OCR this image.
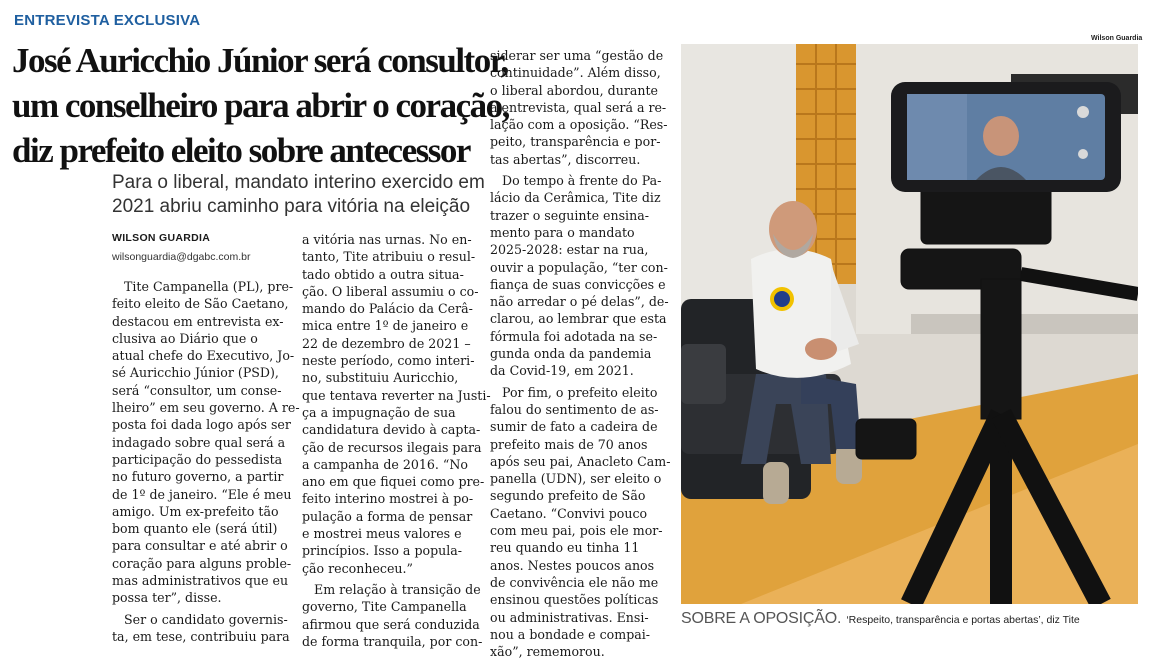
ENTREVISTA EXCLUSIVA
José Auricchio Júnior será consultor,
um conselheiro para abrir o coração,
diz prefeito eleito sobre antecessor
Para o liberal, mandato interino exercido em
2021 abriu caminho para vitória na eleição
WILSON GUARDIA
wilsonguardia@dgabc.com.br
Tite Campanella (PL), pre-
feito eleito de São Caetano,
destacou em entrevista ex-
clusiva ao Diário que o
atual chefe do Executivo, Jo-
sé Auricchio Júnior (PSD),
será “consultor, um conse-
lheiro” em seu governo. A re-
posta foi dada logo após ser
indagado sobre qual será a
participação do pessedista
no futuro governo, a partir
de 1º de janeiro. “Ele é meu
amigo. Um ex-prefeito tão
bom quanto ele (será útil)
para consultar e até abrir o
coração para alguns proble-
mas administrativos que eu
possa ter”, disse.
Ser o candidato governis-
ta, em tese, contribuiu para
a vitória nas urnas. No en-
tanto, Tite atribuiu o resul-
tado obtido a outra situa-
ção. O liberal assumiu o co-
mando do Palácio da Cerâ-
mica entre 1º de janeiro e
22 de dezembro de 2021 –
neste período, como interi-
no, substituiu Auricchio,
que tentava reverter na Justi-
ça a impugnação de sua
candidatura devido à capta-
ção de recursos ilegais para
a campanha de 2016. “No
ano em que fiquei como pre-
feito interino mostrei à po-
pulação a forma de pensar
e mostrei meus valores e
princípios. Isso a popula-
ção reconheceu.”
Em relação à transição de
governo, Tite Campanella
afirmou que será conduzida
de forma tranquila, por con-
siderar ser uma “gestão de
continuidade”. Além disso,
o liberal abordou, durante
a entrevista, qual será a re-
lação com a oposição. “Res-
peito, transparência e por-
tas abertas”, discorreu.
Do tempo à frente do Pa-
lácio da Cerâmica, Tite diz
trazer o seguinte ensina-
mento para o mandato
2025-2028: estar na rua,
ouvir a população, “ter con-
fiança de suas convicções e
não arredar o pé delas”, de-
clarou, ao lembrar que esta
fórmula foi adotada na se-
gunda onda da pandemia
da Covid-19, em 2021.
Por fim, o prefeito eleito
falou do sentimento de as-
sumir de fato a cadeira de
prefeito mais de 70 anos
após seu pai, Anacleto Cam-
panella (UDN), ser eleito o
segundo prefeito de São
Caetano. “Convivi pouco
com meu pai, pois ele mor-
reu quando eu tinha 11
anos. Nestes poucos anos
de convivência ele não me
ensinou questões políticas
ou administrativas. Ensi-
nou a bondade e compai-
xão”, rememorou.
Wilson Guardia
SOBRE A OPOSIÇÃO. ‘Respeito, transparência e portas abertas’, diz Tite
